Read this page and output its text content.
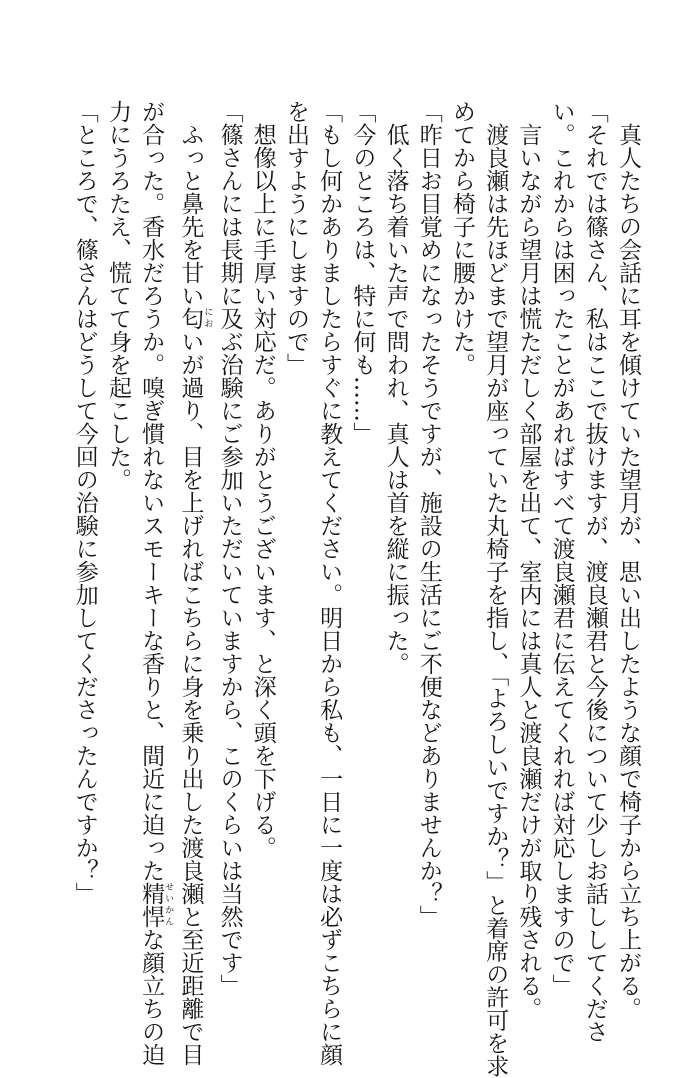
真人たちの会話に耳を傾けていた望月が、思い出したような顔で椅子から立ち上がる。
「それでは篠さん、私はここで抜けますが、渡良瀬君と今後について少しお話ししてくださ
い。これからは困ったことがあればすべて渡良瀬君に伝えてくれれば対応しますので」
言いながら望月は慌ただしく部屋を出て、室内には真人と渡良瀬だけが取り残される。
渡良瀬は先ほどまで望月が座っていた丸椅子を指し、「よろしいですか？」と着席の許可を求
めてから椅子に腰かけた。
「昨日お目覚めになったそうですが、施設の生活にご不便などありませんか？」
低く落ち着いた声で問われ、真人は首を縦に振った。
「今のところは、特に何も……」
「もし何かありましたらすぐに教えてください。明日から私も、一日に一度は必ずこちらに顔
を出すようにしますので」
想像以上に手厚い対応だ。ありがとうございます、と深く頭を下げる。
「篠さんには長期に及ぶ治験にご参加いただいていますから、このくらいは当然です」
ふっと鼻先を甘い匂 においが過り、目を上げればこちらに身を乗り出した渡良瀬と至近距離で目
が合った。香水だろうか。嗅ぎ慣れないスモーキーな香りと、間近に迫った精悍 せいかんな顔立ちの迫
力にうろたえ、慌てて身を起こした。
「ところで、篠さんはどうして今回の治験に参加してくださったんですか？」
